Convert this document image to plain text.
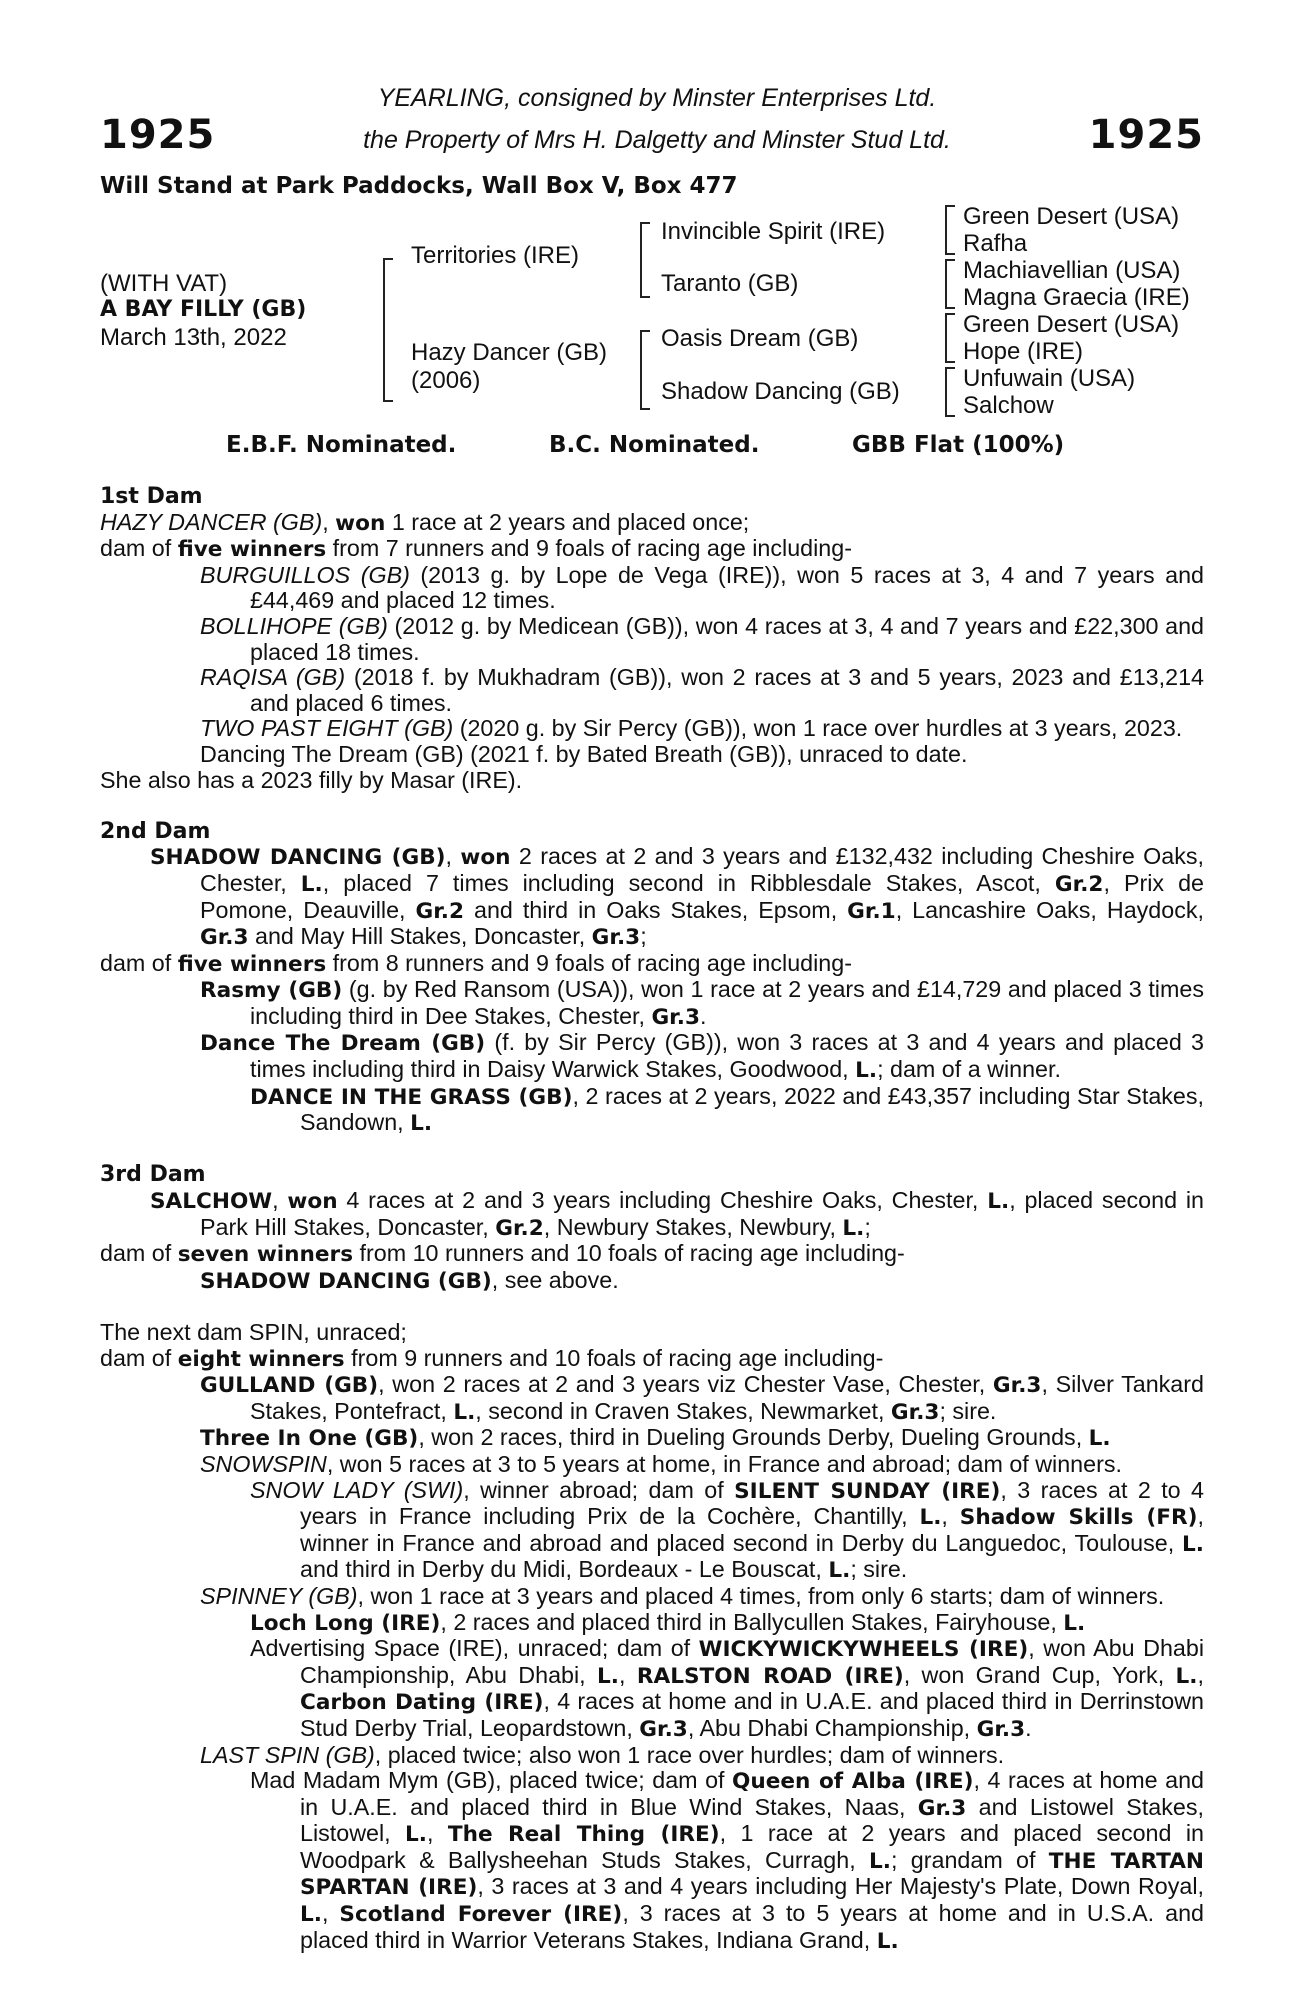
1925	1925
YEARLING, consigned by Minster Enterprises Ltd.
the Property of Mrs H. Dalgetty and Minster Stud Ltd.
Will Stand at Park Paddocks, Wall Box V, Box 477
(WITH VAT)
A BAY FILLY (GB)
March 13th, 2022
Territories (IRE)
Hazy Dancer (GB)
(2006)
Invincible Spirit (IRE)
Taranto (GB)
Oasis Dream (GB)
Shadow Dancing (GB)
Green Desert (USA)
Rafha
Machiavellian (USA)
Magna Graecia (IRE)
Green Desert (USA)
Hope (IRE)
Unfuwain (USA)
Salchow
E.B.F. Nominated.	B.C. Nominated.	GBB Flat (100%)

1st Dam

HAZY DANCER (GB), won 1 race at 2 years and placed once;

dam of five winners from 7 runners and 9 foals of racing age including-

BURGUILLOS (GB) (2013 g. by Lope de Vega (IRE)), won 5 races at 3, 4 and 7 years and £44,469 and placed 12 times.

BOLLIHOPE (GB) (2012 g. by Medicean (GB)), won 4 races at 3, 4 and 7 years and £22,300 and placed 18 times.

RAQISA (GB) (2018 f. by Mukhadram (GB)), won 2 races at 3 and 5 years, 2023 and £13,214 and placed 6 times.

TWO PAST EIGHT (GB) (2020 g. by Sir Percy (GB)), won 1 race over hurdles at 3 years, 2023.

Dancing The Dream (GB) (2021 f. by Bated Breath (GB)), unraced to date.

She also has a 2023 filly by Masar (IRE).

2nd Dam

SHADOW DANCING (GB), won 2 races at 2 and 3 years and £132,432 including Cheshire Oaks, Chester, L., placed 7 times including second in Ribblesdale Stakes, Ascot, Gr.2, Prix de Pomone, Deauville, Gr.2 and third in Oaks Stakes, Epsom, Gr.1, Lancashire Oaks, Haydock, Gr.3 and May Hill Stakes, Doncaster, Gr.3;

dam of five winners from 8 runners and 9 foals of racing age including-

Rasmy (GB) (g. by Red Ransom (USA)), won 1 race at 2 years and £14,729 and placed 3 times including third in Dee Stakes, Chester, Gr.3.

Dance The Dream (GB) (f. by Sir Percy (GB)), won 3 races at 3 and 4 years and placed 3 times including third in Daisy Warwick Stakes, Goodwood, L.; dam of a winner.

DANCE IN THE GRASS (GB), 2 races at 2 years, 2022 and £43,357 including Star Stakes, Sandown, L.

3rd Dam

SALCHOW, won 4 races at 2 and 3 years including Cheshire Oaks, Chester, L., placed second in Park Hill Stakes, Doncaster, Gr.2, Newbury Stakes, Newbury, L.;

dam of seven winners from 10 runners and 10 foals of racing age including-

SHADOW DANCING (GB), see above.

The next dam SPIN, unraced;

dam of eight winners from 9 runners and 10 foals of racing age including-

GULLAND (GB), won 2 races at 2 and 3 years viz Chester Vase, Chester, Gr.3, Silver Tankard Stakes, Pontefract, L., second in Craven Stakes, Newmarket, Gr.3; sire.

Three In One (GB), won 2 races, third in Dueling Grounds Derby, Dueling Grounds, L.

SNOWSPIN, won 5 races at 3 to 5 years at home, in France and abroad; dam of winners.

SNOW LADY (SWI), winner abroad; dam of SILENT SUNDAY (IRE), 3 races at 2 to 4 years in France including Prix de la Cochère, Chantilly, L., Shadow Skills (FR), winner in France and abroad and placed second in Derby du Languedoc, Toulouse, L. and third in Derby du Midi, Bordeaux - Le Bouscat, L.; sire.

SPINNEY (GB), won 1 race at 3 years and placed 4 times, from only 6 starts; dam of winners.

Loch Long (IRE), 2 races and placed third in Ballycullen Stakes, Fairyhouse, L.

Advertising Space (IRE), unraced; dam of WICKYWICKYWHEELS (IRE), won Abu Dhabi Championship, Abu Dhabi, L., RALSTON ROAD (IRE), won Grand Cup, York, L., Carbon Dating (IRE), 4 races at home and in U.A.E. and placed third in Derrinstown Stud Derby Trial, Leopardstown, Gr.3, Abu Dhabi Championship, Gr.3.

LAST SPIN (GB), placed twice; also won 1 race over hurdles; dam of winners.

Mad Madam Mym (GB), placed twice; dam of Queen of Alba (IRE), 4 races at home and in U.A.E. and placed third in Blue Wind Stakes, Naas, Gr.3 and Listowel Stakes, Listowel, L., The Real Thing (IRE), 1 race at 2 years and placed second in Woodpark & Ballysheehan Studs Stakes, Curragh, L.; grandam of THE TARTAN SPARTAN (IRE), 3 races at 3 and 4 years including Her Majesty's Plate, Down Royal, L., Scotland Forever (IRE), 3 races at 3 to 5 years at home and in U.S.A. and placed third in Warrior Veterans Stakes, Indiana Grand, L.
